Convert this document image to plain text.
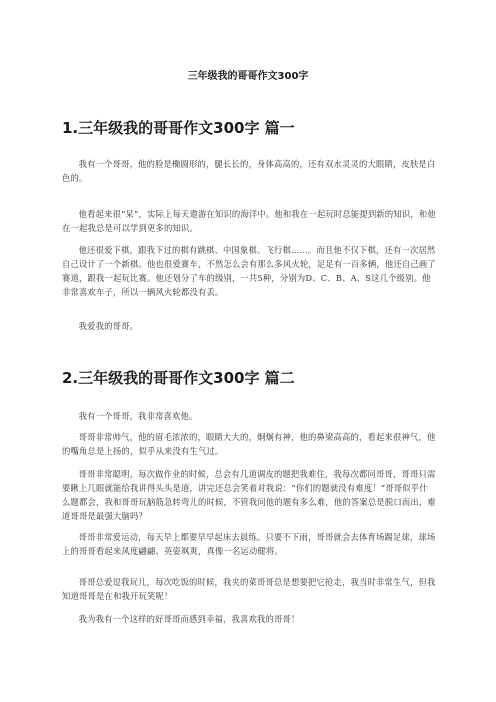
三年级我的哥哥作文300字
1.三年级我的哥哥作文300字 篇一
我有一个哥哥，他的脸是椭圆形的，腿长长的，身体高高的，还有双水灵灵的大眼睛，皮肤是白色的。
他看起来很“呆”，实际上每天遨游在知识的海洋中。他和我在一起玩时总能提到新的知识，和他在一起我总是可以学到更多的知识。
他还很爱下棋，跟我下过的棋有跳棋、中国象棋、飞行棋……。而且他不仅下棋，还有一次居然自己设计了一个新棋。他也很爱赛车，不然怎么会有那么多风火轮，足足有一百多辆，他还自己画了赛道，跟我一起玩比赛。他还划分了车的级别，一共5种，分别为D、C、B、A、S这几个级别。他非常喜欢车子，所以一辆风火轮都没有丢。
我爱我的哥哥。
2.三年级我的哥哥作文300字 篇二
我有一个哥哥，我非常喜欢他。
哥哥非常帅气，他的眉毛浓浓的，眼睛大大的，炯炯有神，他的鼻梁高高的，看起来很神气，他的嘴角总是上扬的，似乎从来没有生气过。
哥哥非常聪明。每次做作业的时候，总会有几道调皮的题把我难住，我每次都问哥哥，哥哥只需要瞅上几眼就能给我讲得头头是道，讲完还总会笑着对我说：“你们的题就没有难度！”哥哥似乎什么题都会，我和哥哥玩脑筋急转弯儿的时候，不管我问他的题有多么难，他的答案总是脱口而出，难道哥哥是最强大脑吗？
哥哥非常爱运动，每天早上都要早早起床去晨练。只要不下雨，哥哥就会去体育场踢足球，球场上的哥哥看起来风度翩翩、英姿飒爽，真像一名运动健将。
哥哥总爱逗我玩儿，每次吃饭的时候，我夹的菜哥哥总是想要把它抢走，我当时非常生气，但我知道哥哥是在和我开玩笑呢！
我为我有一个这样的好哥哥而感到幸福，我喜欢我的哥哥！
